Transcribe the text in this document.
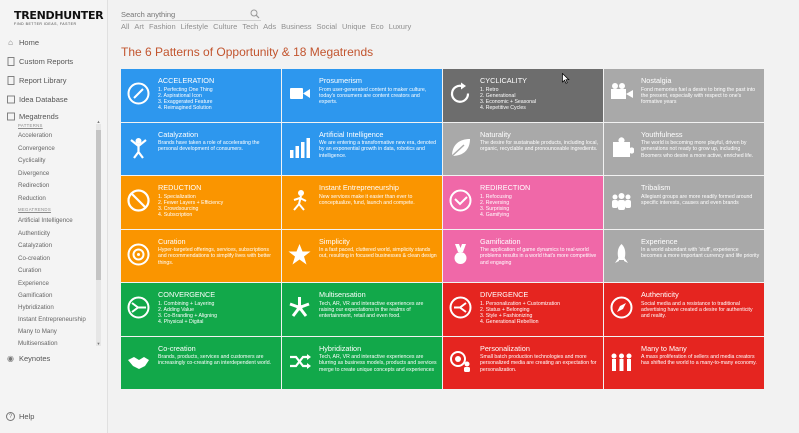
TRENDHUNTER
FIND BETTER IDEAS, FASTER
⌂ Home
Custom Reports
Report Library
Idea Database
Megatrends
PATTERNS
Acceleration
Convergence
Cyclicality
Divergence
Redirection
Reduction
MEGATRENDS
Artificial Intelligence
Authenticity
Catalyzation
Co-creation
Curation
Experience
Gamification
Hybridization
Instant Entrepreneurship
Many to Many
Multisensation
▲
▼
◉ Keynotes
? Help
Search anything
All Art Fashion Lifestyle Culture Tech Ads Business Social Unique Eco Luxury
The 6 Patterns of Opportunity & 18 Megatrends
ACCELERATION
1. Perfecting One Thing
2. Aspirational Icon
3. Exaggerated Feature
4. Reimagined Solution
Prosumerism
From user-generated content to maker culture, today's consumers are content creators and experts.
CYCLICALITY
1. Retro
2. Generational
3. Economic + Seasonal
4. Repetitive Cycles
Nostalgia
Fond memories fuel a desire to bring the past into the present, especially with respect to one's formative years
Catalyzation
Brands have taken a role of accelerating the personal development of consumers.
Artificial Intelligence
We are entering a transformative new era, denoted by an exponential growth in data, robotics and intelligence.
Naturality
The desire for sustainable products, including local, organic, recyclable and pronounceable ingredients.
Youthfulness
The world is becoming more playful, driven by generations not ready to grow up, including Boomers who desire a more active, enriched life.
REDUCTION
1. Specialization
2. Fewer Layers + Efficiency
3. Crowdsourcing
4. Subscription
Instant Entrepreneurship
New services make it easier than ever to conceptualize, fund, launch and compete.
REDIRECTION
1. Refocusing
2. Reversing
3. Surprising
4. Gamifying
Tribalism
Allegiant groups are more readily formed around specific interests, causes and even brands
Curation
Hyper-targeted offerings, services, subscriptions and recommendations to simplify lives with better things.
Simplicity
In a fast paced, cluttered world, simplicity stands out, resulting in focused businesses & clean design
Gamification
The application of game dynamics to real-world problems results in a world that's more competitive and engaging
Experience
In a world abundant with 'stuff', experience becomes a more important currency and life priority
CONVERGENCE
1. Combining + Layering
2. Adding Value
3. Co-Branding + Aligning
4. Physical + Digital
Multisensation
Tech, AR, VR and interactive experiences are raising our expectations in the realms of entertainment, retail and even food.
DIVERGENCE
1. Personalization + Customization
2. Status + Belonging
3. Style + Fashionizing
4. Generational Rebellion
Authenticity
Social media and a resistance to traditional advertising have created a desire for authenticity and reality.
Co-creation
Brands, products, services and customers are increasingly co-creating an interdependent world.
Hybridization
Tech, AR, VR and interactive experiences are blurring as business models, products and services merge to create unique concepts and experiences
Personalization
Small batch production technologies and more personalized media are creating an expectation for personalization.
Many to Many
A mass proliferation of sellers and media creators has shifted the world to a many-to-many economy.
